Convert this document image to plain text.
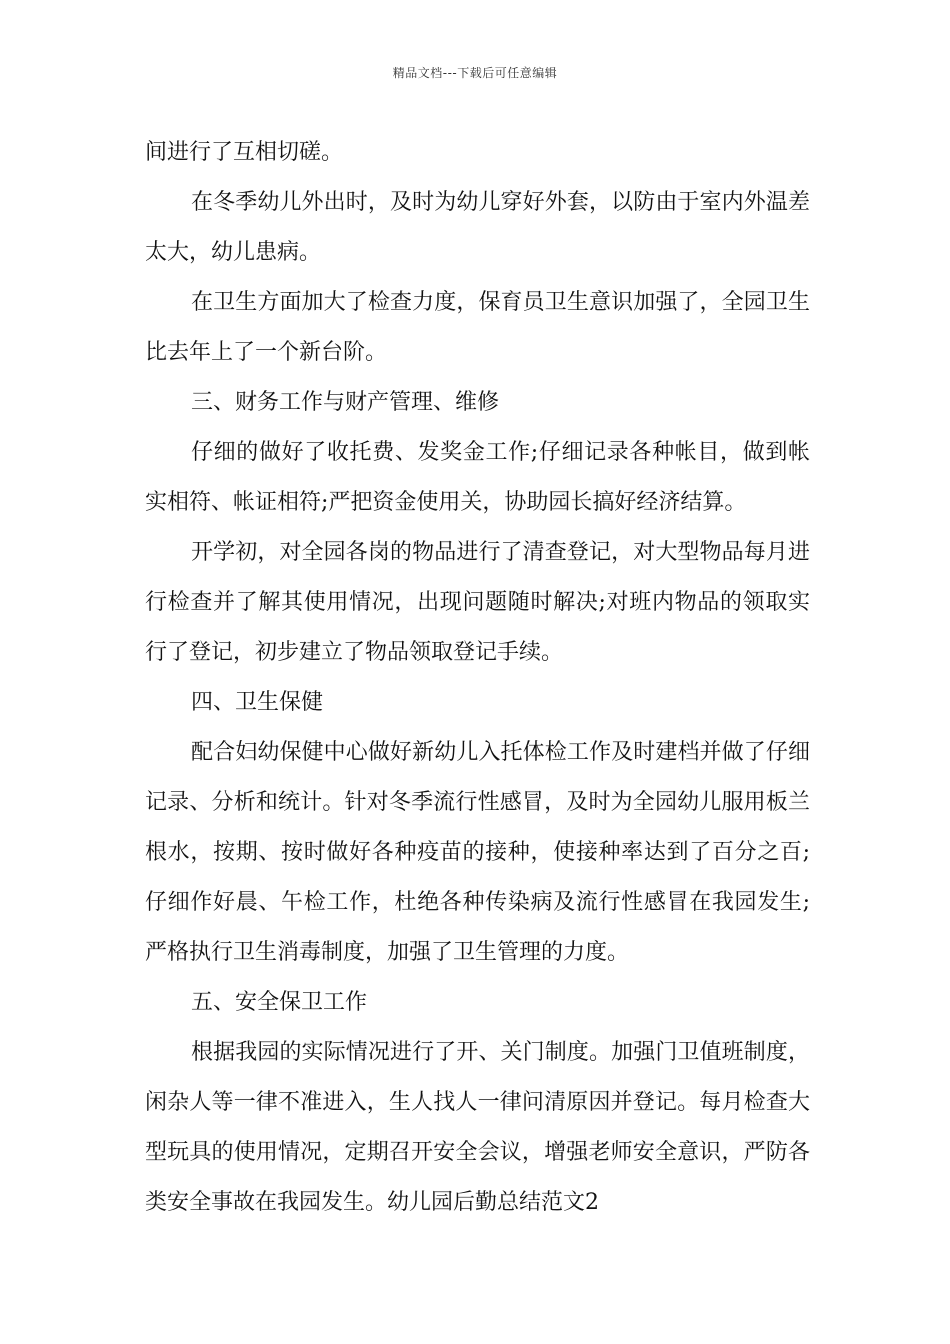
精品文档---下载后可任意编辑

间进行了互相切磋。

在冬季幼儿外出时，及时为幼儿穿好外套，以防由于室内外温差太大，幼儿患病。

在卫生方面加大了检查力度，保育员卫生意识加强了，全园卫生比去年上了一个新台阶。

三、财务工作与财产管理、维修

仔细的做好了收托费、发奖金工作;仔细记录各种帐目，做到帐实相符、帐证相符;严把资金使用关，协助园长搞好经济结算。

开学初，对全园各岗的物品进行了清查登记，对大型物品每月进行检查并了解其使用情况，出现问题随时解决;对班内物品的领取实行了登记，初步建立了物品领取登记手续。

四、卫生保健

配合妇幼保健中心做好新幼儿入托体检工作及时建档并做了仔细记录、分析和统计。针对冬季流行性感冒，及时为全园幼儿服用板兰根水，按期、按时做好各种疫苗的接种，使接种率达到了百分之百;仔细作好晨、午检工作，杜绝各种传染病及流行性感冒在我园发生;严格执行卫生消毒制度，加强了卫生管理的力度。

五、安全保卫工作

根据我园的实际情况进行了开、关门制度。加强门卫值班制度，闲杂人等一律不准进入，生人找人一律问清原因并登记。每月检查大型玩具的使用情况，定期召开安全会议，增强老师安全意识，严防各类安全事故在我园发生。幼儿园后勤总结范文2
